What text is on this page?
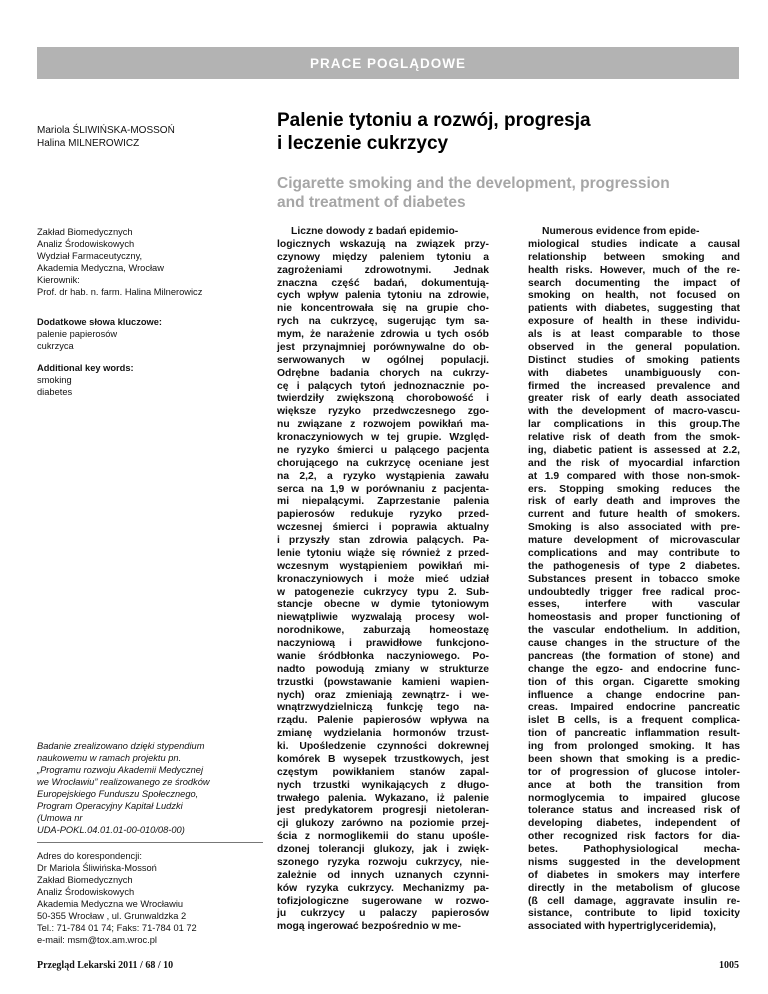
PRACE POGLĄDOWE
Mariola ŚLIWIŃSKA-MOSSOŃ
Halina MILNEROWICZ
Palenie tytoniu a rozwój, progresja
i leczenie cukrzycy
Cigarette smoking and the development, progression
and treatment of diabetes
Zakład Biomedycznych
Analiz Środowiskowych
Wydział Farmaceutyczny,
Akademia Medyczna, Wrocław
Kierownik:
Prof. dr hab. n. farm. Halina Milnerowicz
Dodatkowe słowa kluczowe:
palenie papierosów
cukrzyca
Additional key words:
smoking
diabetes
Badanie zrealizowano dzięki stypendium
naukowemu w ramach projektu pn.
„Programu rozwoju Akademii Medycznej
we Wrocławiu” realizowanego ze środków
Europejskiego Funduszu Społecznego,
Program Operacyjny Kapitał Ludzki
(Umowa nr
UDA-POKL.04.01.01-00-010/08-00)
Adres do korespondencji:
Dr Mariola Śliwińska-Mossoń
Zakład Biomedycznych
Analiz Środowiskowych
Akademia Medyczna we Wrocławiu
50-355 Wrocław , ul. Grunwaldzka 2
Tel.: 71-784 01 74; Faks: 71-784 01 72
e-mail: msm@tox.am.wroc.pl
Liczne dowody z badań epidemio-
logicznych wskazują na związek przy-
czynowy między paleniem tytoniu a
zagrożeniami zdrowotnymi. Jednak
znaczna część badań, dokumentują-
cych wpływ palenia tytoniu na zdrowie,
nie koncentrowała się na grupie cho-
rych na cukrzycę, sugerując tym sa-
mym, że narażenie zdrowia u tych osób
jest przynajmniej porównywalne do ob-
serwowanych w ogólnej populacji.
Odrębne badania chorych na cukrzy-
cę i palących tytoń jednoznacznie po-
twierdziły zwiększoną chorobowość i
większe ryzyko przedwczesnego zgo-
nu związane z rozwojem powikłań ma-
kronaczyniowych w tej grupie. Względ-
ne ryzyko śmierci u palącego pacjenta
chorującego na cukrzycę oceniane jest
na 2,2, a ryzyko wystąpienia zawału
serca na 1,9 w porównaniu z pacjenta-
mi niepalącymi. Zaprzestanie palenia
papierosów redukuje ryzyko przed-
wczesnej śmierci i poprawia aktualny
i przyszły stan zdrowia palących. Pa-
lenie tytoniu wiąże się również z przed-
wczesnym wystąpieniem powikłań mi-
kronaczyniowych i może mieć udział
w patogenezie cukrzycy typu 2. Sub-
stancje obecne w dymie tytoniowym
niewątpliwie wyzwalają procesy wol-
norodnikowe, zaburzają homeostazę
naczyniową i prawidłowe funkcjono-
wanie śródbłonka naczyniowego. Po-
nadto powodują zmiany w strukturze
trzustki (powstawanie kamieni wapien-
nych) oraz zmieniają zewnątrz- i we-
wnątrzwydzielniczą funkcję tego na-
rządu. Palenie papierosów wpływa na
zmianę wydzielania hormonów trzust-
ki. Upośledzenie czynności dokrewnej
komórek B wysepek trzustkowych, jest
częstym powikłaniem stanów zapal-
nych trzustki wynikających z długo-
trwałego palenia. Wykazano, iż palenie
jest predykatorem progresji nietoleran-
cji glukozy zarówno na poziomie przej-
ścia z normoglikemii do stanu upośle-
dzonej tolerancji glukozy, jak i zwięk-
szonego ryzyka rozwoju cukrzycy, nie-
zależnie od innych uznanych czynni-
ków ryzyka cukrzycy. Mechanizmy pa-
tofizjologiczne sugerowane w rozwo-
ju cukrzycy u palaczy papierosów
mogą ingerować bezpośrednio w me-
Numerous evidence from epide-
miological studies indicate a causal
relationship between smoking and
health risks. However, much of the re-
search documenting the impact of
smoking on health, not focused on
patients with diabetes, suggesting that
exposure of health in these individu-
als is at least comparable to those
observed in the general population.
Distinct studies of smoking patients
with diabetes unambiguously con-
firmed the increased prevalence and
greater risk of early death associated
with the development of macro-vascu-
lar complications in this group.The
relative risk of death from the smok-
ing, diabetic patient is assessed at 2.2,
and the risk of myocardial infarction
at 1.9 compared with those non-smok-
ers. Stopping smoking reduces the
risk of early death and improves the
current and future health of smokers.
Smoking is also associated with pre-
mature development of microvascular
complications and may contribute to
the pathogenesis of type 2 diabetes.
Substances present in tobacco smoke
undoubtedly trigger free radical proc-
esses, interfere with vascular
homeostasis and proper functioning of
the vascular endothelium. In addition,
cause changes in the structure of the
pancreas (the formation of stone) and
change the egzo- and endocrine func-
tion of this organ. Cigarette smoking
influence a change endocrine pan-
creas. Impaired endocrine pancreatic
islet B cells, is a frequent complica-
tion of pancreatic inflammation result-
ing from prolonged smoking. It has
been shown that smoking is a predic-
tor of progression of glucose intoler-
ance at both the transition from
normoglycemia to impaired glucose
tolerance status and increased risk of
developing diabetes, independent of
other recognized risk factors for dia-
betes. Pathophysiological mecha-
nisms suggested in the development
of diabetes in smokers may interfere
directly in the metabolism of glucose
(ß cell damage, aggravate insulin re-
sistance, contribute to lipid toxicity
associated with hypertriglyceridemia),
Przegląd Lekarski 2011 / 68 / 10	1005
